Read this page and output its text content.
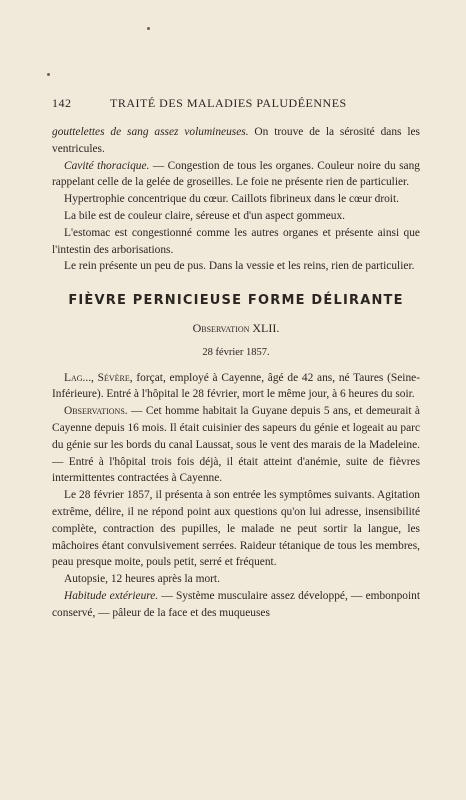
142	TRAITÉ DES MALADIES PALUDÉENNES

gouttelettes de sang assez volumineuses. On trouve de la sérosité dans les ventricules.

Cavité thoracique. — Congestion de tous les organes. Couleur noire du sang rappelant celle de la gelée de groseilles. Le foie ne présente rien de particulier.

Hypertrophie concentrique du cœur. Caillots fibrineux dans le cœur droit.

La bile est de couleur claire, séreuse et d'un aspect gommeux.

L'estomac est congestionné comme les autres organes et présente ainsi que l'intestin des arborisations.

Le rein présente un peu de pus. Dans la vessie et les reins, rien de particulier.

FIÈVRE PERNICIEUSE FORME DÉLIRANTE
Observation XLII.
28 février 1857.

Lag..., Sévère, forçat, employé à Cayenne, âgé de 42 ans, né Taures (Seine-Inférieure). Entré à l'hôpital le 28 février, mort le même jour, à 6 heures du soir.

Observations. — Cet homme habitait la Guyane depuis 5 ans, et demeurait à Cayenne depuis 16 mois. Il était cuisinier des sapeurs du génie et logeait au parc du génie sur les bords du canal Laussat, sous le vent des marais de la Madeleine. — Entré à l'hôpital trois fois déjà, il était atteint d'anémie, suite de fièvres intermittentes contractées à Cayenne.

Le 28 février 1857, il présenta à son entrée les symptômes suivants. Agitation extrême, délire, il ne répond point aux questions qu'on lui adresse, insensibilité complète, contraction des pupilles, le malade ne peut sortir la langue, les mâchoires étant convulsivement serrées. Raideur tétanique de tous les membres, peau presque moite, pouls petit, serré et fréquent.

Autopsie, 12 heures après la mort.

Habitude extérieure. — Système musculaire assez développé, — embonpoint conservé, — pâleur de la face et des muqueuses
